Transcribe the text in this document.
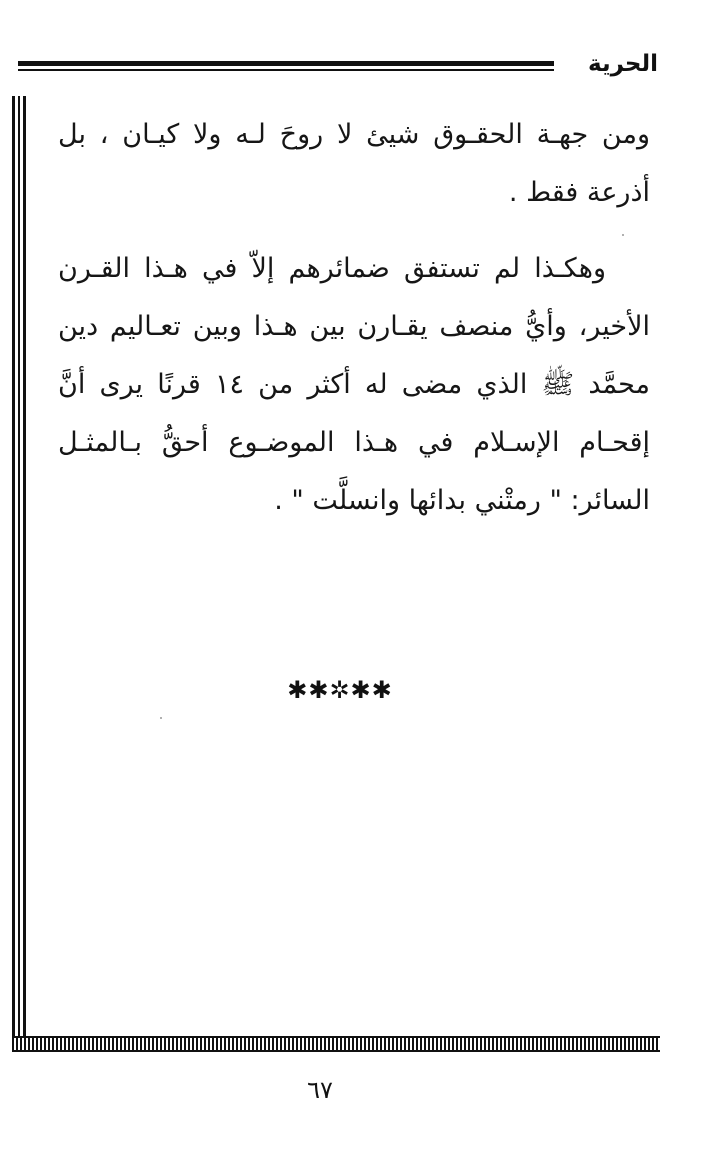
الحرية

ومن جهـة الحقـوق شيئ لا روحَ لـه ولا كيـان ، بل أذرعة فقط .

وهكـذا لم تستفق ضمائرهم إلاّ في هـذا القـرن الأخير، وأيُّ منصف يقـارن بين هـذا وبين تعـاليم دين محمَّد ﷺ الذي مضى له أكثر من ١٤ قرنًا يرى أنَّ إقحـام الإسـلام في هـذا الموضـوع أحقُّ بـالمثـل السائر: " رمتْني بدائها وانسلَّت " .

✱✱✲✱✱
٦٧
